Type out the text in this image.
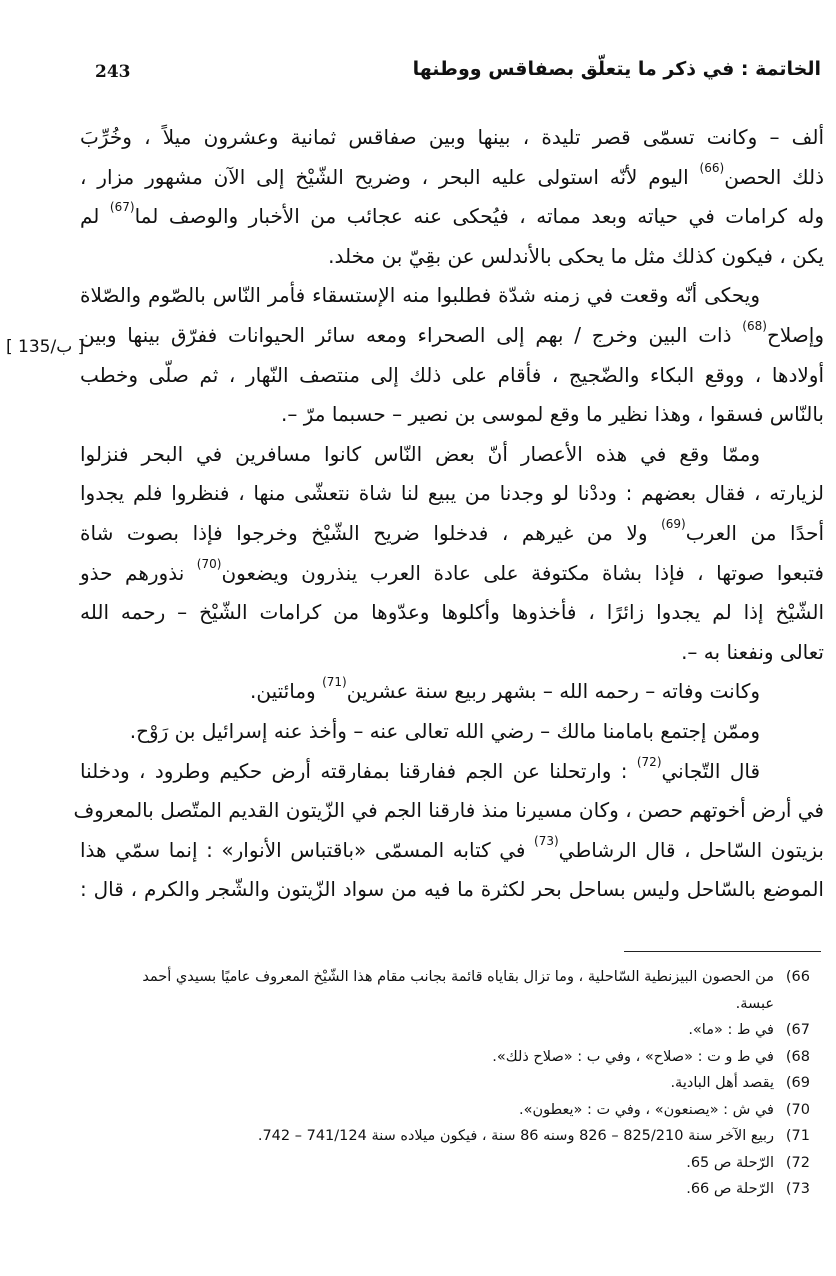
243	الخاتمة : في ذكر ما يتعلّق بصفاقس ووطنها
[ 135/ب ]
ألف – وكانت تسمّى قصر تليدة ، بينها وبين صفاقس ثمانية وعشرون ميلاً ، وخُرِّبَ
ذلك الحصن$^{(66)}$ اليوم لأنّه استولى عليه البحر ، وضريح الشّيْخ إلى الآن مشهور مزار ،
وله كرامات في حياته وبعد مماته ، فيُحكى عنه عجائب من الأخبار والوصف لما$^{(67)}$ لم
يكن ، فيكون كذلك مثل ما يحكى بالأندلس عن بقِيّ بن مخلد.
ويحكى أنّه وقعت في زمنه شدّة فطلبوا منه الإستسقاء فأمر النّاس بالصّوم والصّلاة
وإصلاح$^{(68)}$ ذات البين وخرج / بهم إلى الصحراء ومعه سائر الحيوانات ففرّق بينها وبين
أولادها ، ووقع البكاء والضّجيج ، فأقام على ذلك إلى منتصف النّهار ، ثم صلّى وخطب
بالنّاس فسقوا ، وهذا نظير ما وقع لموسى بن نصير – حسبما مرّ –.
وممّا وقع في هذه الأعصار أنّ بعض النّاس كانوا مسافرين في البحر فنزلوا
لزيارته ، فقال بعضهم : وددْنا لو وجدنا من يبيع لنا شاة نتعشّى منها ، فنظروا فلم يجدوا
أحدًا من العرب$^{(69)}$ ولا من غيرهم ، فدخلوا ضريح الشّيْخ وخرجوا فإذا بصوت شاة
فتبعوا صوتها ، فإذا بشاة مكتوفة على عادة العرب ينذرون ويضعون$^{(70)}$ نذورهم حذو
الشّيْخ إذا لم يجدوا زائرًا ، فأخذوها وأكلوها وعدّوها من كرامات الشّيْخ – رحمه الله
تعالى ونفعنا به –.
وكانت وفاته – رحمه الله – بشهر ربيع سنة عشرين$^{(71)}$ ومائتين.
وممّن إجتمع بامامنا مالك – رضي الله تعالى عنه – وأخذ عنه إسرائيل بن رَوْح.
قال التّجاني$^{(72)}$ : وارتحلنا عن الجم ففارقنا بمفارقته أرض حكيم وطرود ، ودخلنا
في أرض أخوتهم حصن ، وكان مسيرنا منذ فارقنا الجم في الزّيتون القديم المتّصل بالمعروف
بزيتون السّاحل ، قال الرشاطي$^{(73)}$ في كتابه المسمّى «باقتباس الأنوار» : إنما سمّي هذا
الموضع بالسّاحل وليس بساحل بحر لكثرة ما فيه من سواد الزّيتون والشّجر والكرم ، قال :
66)
من الحصون البيزنطية السّاحلية ، وما تزال بقاياه قائمة بجانب مقام هذا الشّيْخ المعروف عاميًا بسيدي أحمد
عبسة.
67)
في ط : «ما».
68)
في ط و ت : «صلاح» ، وفي ب : «صلاح ذلك».
69)
يقصد أهل البادية.
70)
في ش : «يصنعون» ، وفي ت : «يعطون».
71)
ربيع الآخر سنة 825/210 – 826 وسنه 86 سنة ، فيكون ميلاده سنة 741/124 – 742.
72)
الرّحلة ص 65.
73)
الرّحلة ص 66.
